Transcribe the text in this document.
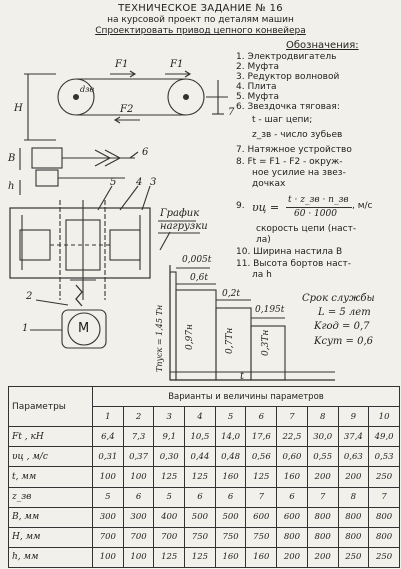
ТЕХНИЧЕСКОЕ ЗАДАНИЕ № 16
на курсовой проект по деталям машин
Спроектировать привод цепного конвейера
F1	F1
F2
dзв
H	7
B
6
h	5 4 3
2
1	M
График
нагрузки
0,005t
0,6t
0,2t
0,195t
0,97н	0,7Tн	0,3Tн
Tпуск = 1,45 Tн
t
Срок службы
L = 5 лет
Kгод = 0,7
Kсут = 0,6
Обозначения:
1. Электродвигатель
2. Муфта
3. Редуктор волновой
4. Плита
5. Муфта
6. Звездочка тяговая:
t - шаг цепи;
z_зв - число зубьев
7. Натяжное устройство
8. Ft = F1 - F2 - окруж-
ное усилие на звез-
дочках
9. υц =
t · z_зв · n_зв
60 · 1000
, м/с
скорость цепи (наст-
ла)
10. Ширина настила B
11. Высота бортов наст-
ла h
Параметры	Варианты и величины параметров									
	1	2	3	4	5	6	7	8	9	10
Ft , кН	6,4	7,3	9,1	10,5	14,0	17,6	22,5	30,0	37,4	49,0
υц , м/с	0,31	0,37	0,30	0,44	0,48	0,56	0,60	0,55	0,63	0,53
t, мм	100	100	125	125	160	125	160	200	200	250
z_зв	5	6	5	6	6	7	6	7	8	7
B, мм	300	300	400	500	500	600	600	800	800	800
H, мм	700	700	700	750	750	750	800	800	800	800
h, мм	100	100	125	125	160	160	200	200	250	250
